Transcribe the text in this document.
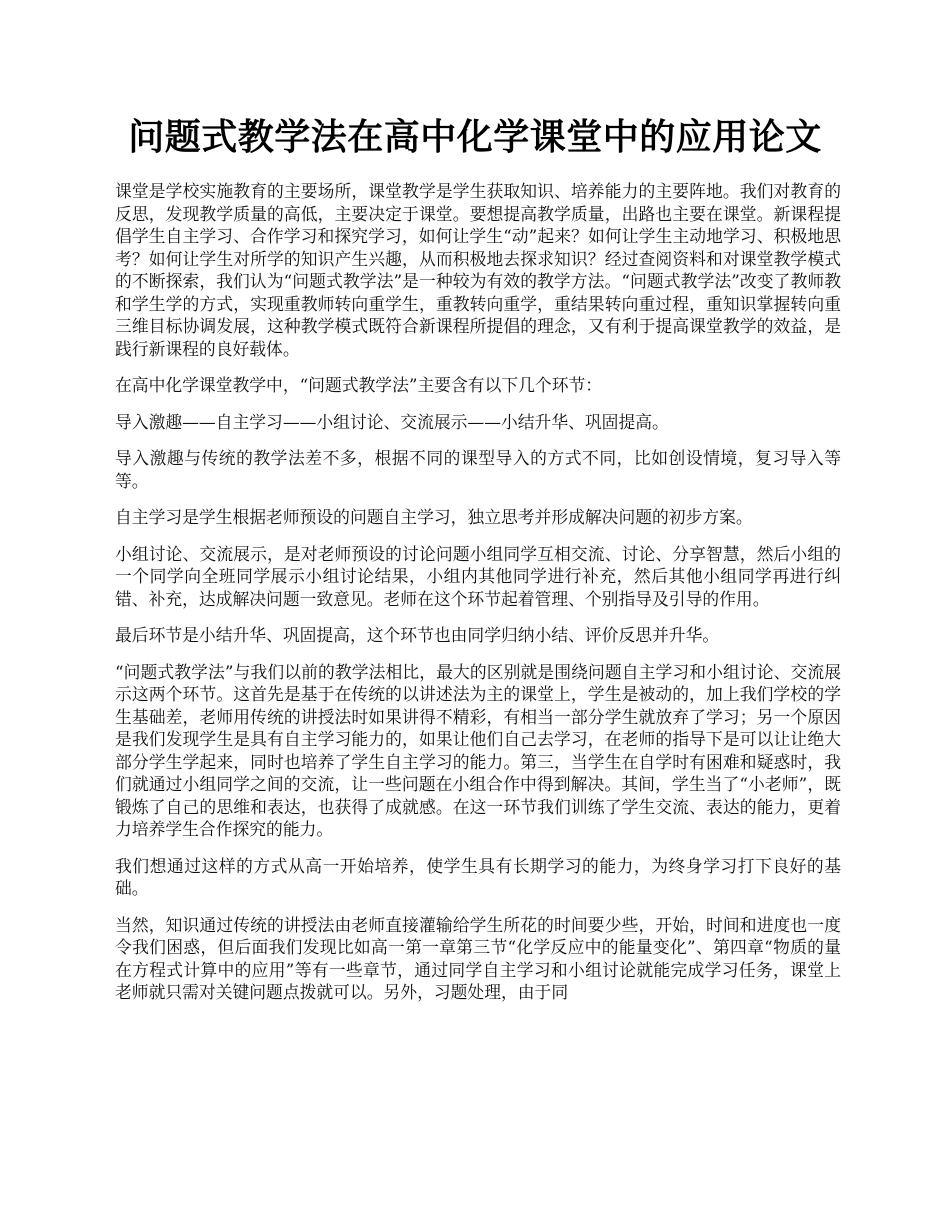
问题式教学法在高中化学课堂中的应用论文

课堂是学校实施教育的主要场所，课堂教学是学生获取知识、培养能力的主要阵地。我们对教育的反思，发现教学质量的高低，主要决定于课堂。要想提高教学质量，出路也主要在课堂。新课程提倡学生自主学习、合作学习和探究学习，如何让学生“动”起来？如何让学生主动地学习、积极地思考？如何让学生对所学的知识产生兴趣，从而积极地去探求知识？经过查阅资料和对课堂教学模式的不断探索，我们认为“问题式教学法”是一种较为有效的教学方法。“问题式教学法”改变了教师教和学生学的方式，实现重教师转向重学生，重教转向重学，重结果转向重过程，重知识掌握转向重三维目标协调发展，这种教学模式既符合新课程所提倡的理念，又有利于提高课堂教学的效益，是践行新课程的良好载体。

在高中化学课堂教学中，“问题式教学法”主要含有以下几个环节：

导入激趣——自主学习——小组讨论、交流展示——小结升华、巩固提高。

导入激趣与传统的教学法差不多，根据不同的课型导入的方式不同，比如创设情境，复习导入等等。

自主学习是学生根据老师预设的问题自主学习，独立思考并形成解决问题的初步方案。

小组讨论、交流展示，是对老师预设的讨论问题小组同学互相交流、讨论、分享智慧，然后小组的一个同学向全班同学展示小组讨论结果，小组内其他同学进行补充，然后其他小组同学再进行纠错、补充，达成解决问题一致意见。老师在这个环节起着管理、个别指导及引导的作用。

最后环节是小结升华、巩固提高，这个环节也由同学归纳小结、评价反思并升华。

“问题式教学法”与我们以前的教学法相比，最大的区别就是围绕问题自主学习和小组讨论、交流展示这两个环节。这首先是基于在传统的以讲述法为主的课堂上，学生是被动的，加上我们学校的学生基础差，老师用传统的讲授法时如果讲得不精彩，有相当一部分学生就放弃了学习；另一个原因是我们发现学生是具有自主学习能力的，如果让他们自己去学习，在老师的指导下是可以让让绝大部分学生学起来，同时也培养了学生自主学习的能力。第三，当学生在自学时有困难和疑惑时，我们就通过小组同学之间的交流，让一些问题在小组合作中得到解决。其间，学生当了“小老师”，既锻炼了自己的思维和表达，也获得了成就感。在这一环节我们训练了学生交流、表达的能力，更着力培养学生合作探究的能力。

我们想通过这样的方式从高一开始培养，使学生具有长期学习的能力，为终身学习打下良好的基础。

当然，知识通过传统的讲授法由老师直接灌输给学生所花的时间要少些，开始，时间和进度也一度令我们困惑，但后面我们发现比如高一第一章第三节“化学反应中的能量变化”、第四章“物质的量在方程式计算中的应用”等有一些章节，通过同学自主学习和小组讨论就能完成学习任务，课堂上老师就只需对关键问题点拨就可以。另外，习题处理，由于同
